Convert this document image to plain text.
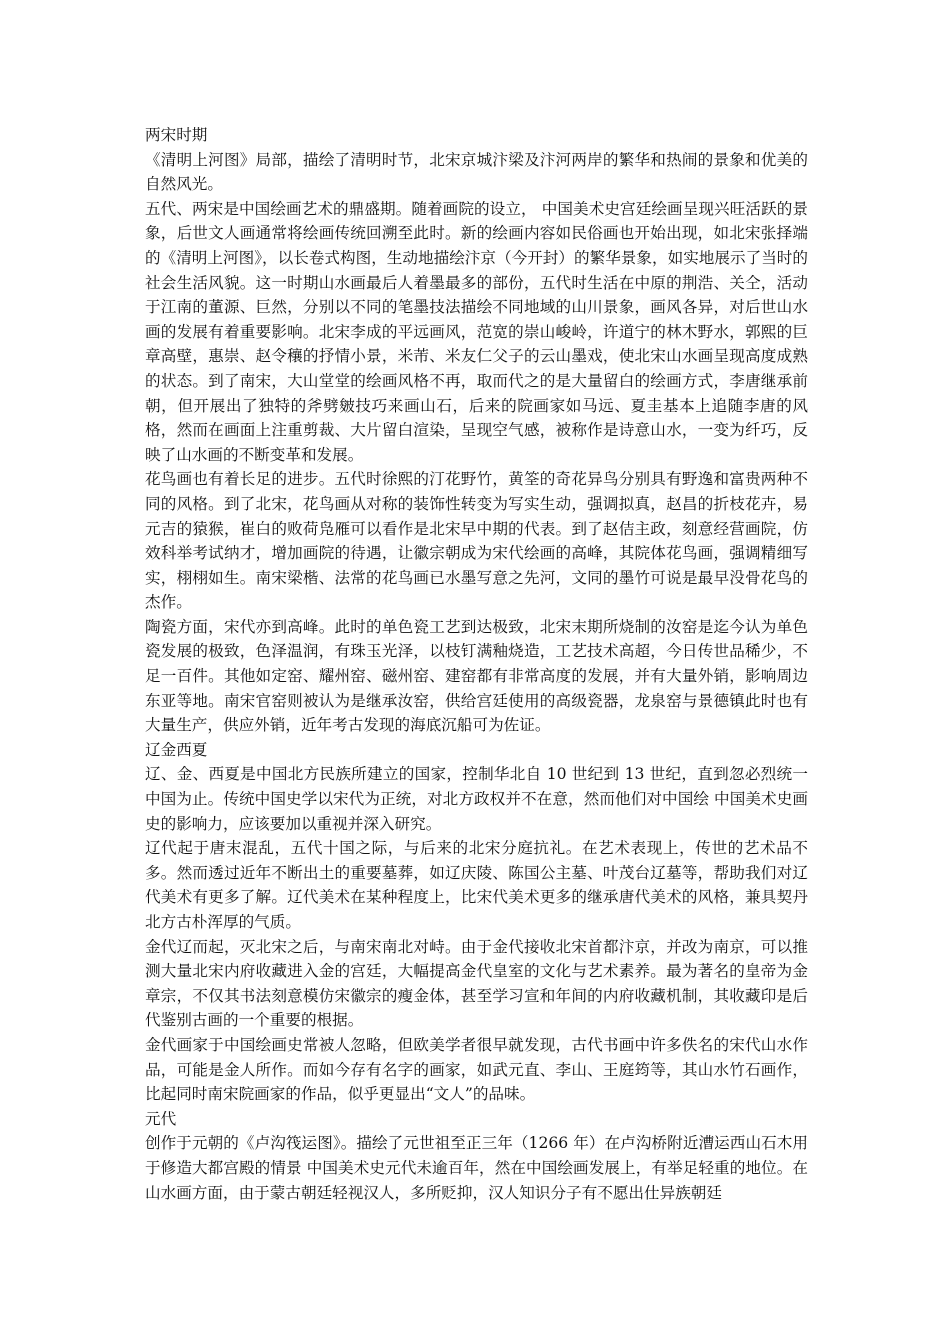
两宋时期

《清明上河图》局部，描绘了清明时节，北宋京城汴梁及汴河两岸的繁华和热闹的景象和优美的自然风光。

五代、两宋是中国绘画艺术的鼎盛期。随着画院的设立， 中国美术史宫廷绘画呈现兴旺活跃的景象，后世文人画通常将绘画传统回溯至此时。新的绘画内容如民俗画也开始出现，如北宋张择端的《清明上河图》，以长卷式构图，生动地描绘汴京（今开封）的繁华景象，如实地展示了当时的社会生活风貌。这一时期山水画最后人着墨最多的部份，五代时生活在中原的荆浩、关仝，活动于江南的董源、巨然，分别以不同的笔墨技法描绘不同地域的山川景象，画风各异，对后世山水画的发展有着重要影响。北宋李成的平远画风，范宽的崇山峻岭，许道宁的林木野水，郭熙的巨章高壁，惠崇、赵令穰的抒情小景，米芾、米友仁父子的云山墨戏，使北宋山水画呈现高度成熟的状态。到了南宋，大山堂堂的绘画风格不再，取而代之的是大量留白的绘画方式，李唐继承前朝，但开展出了独特的斧劈皴技巧来画山石，后来的院画家如马远、夏圭基本上追随李唐的风格，然而在画面上注重剪裁、大片留白渲染，呈现空气感，被称作是诗意山水，一变为纤巧，反映了山水画的不断变革和发展。

花鸟画也有着长足的进步。五代时徐熙的汀花野竹，黄筌的奇花异鸟分别具有野逸和富贵两种不同的风格。到了北宋，花鸟画从对称的装饰性转变为写实生动，强调拟真，赵昌的折枝花卉，易元吉的猿猴，崔白的败荷凫雁可以看作是北宋早中期的代表。到了赵佶主政，刻意经营画院，仿效科举考试纳才，增加画院的待遇，让徽宗朝成为宋代绘画的高峰，其院体花鸟画，强调精细写实，栩栩如生。南宋梁楷、法常的花鸟画已水墨写意之先河，文同的墨竹可说是最早没骨花鸟的杰作。

陶瓷方面，宋代亦到高峰。此时的单色瓷工艺到达极致，北宋末期所烧制的汝窑是迄今认为单色瓷发展的极致，色泽温润，有珠玉光泽，以枝钉满釉烧造，工艺技术高超，今日传世品稀少，不足一百件。其他如定窑、耀州窑、磁州窑、建窑都有非常高度的发展，并有大量外销，影响周边东亚等地。南宋官窑则被认为是继承汝窑，供给宫廷使用的高级瓷器，龙泉窑与景德镇此时也有大量生产，供应外销，近年考古发现的海底沉船可为佐证。

辽金西夏

辽、金、西夏是中国北方民族所建立的国家，控制华北自 10 世纪到 13 世纪，直到忽必烈统一中国为止。传统中国史学以宋代为正统，对北方政权并不在意，然而他们对中国绘 中国美术史画史的影响力，应该要加以重视并深入研究。

辽代起于唐末混乱，五代十国之际，与后来的北宋分庭抗礼。在艺术表现上，传世的艺术品不多。然而透过近年不断出土的重要墓葬，如辽庆陵、陈国公主墓、叶茂台辽墓等，帮助我们对辽代美术有更多了解。辽代美术在某种程度上，比宋代美术更多的继承唐代美术的风格，兼具契丹北方古朴浑厚的气质。

金代辽而起，灭北宋之后，与南宋南北对峙。由于金代接收北宋首都汴京，并改为南京，可以推测大量北宋内府收藏进入金的宫廷，大幅提高金代皇室的文化与艺术素养。最为著名的皇帝为金章宗，不仅其书法刻意模仿宋徽宗的瘦金体，甚至学习宣和年间的内府收藏机制，其收藏印是后代鉴别古画的一个重要的根据。

金代画家于中国绘画史常被人忽略，但欧美学者很早就发现，古代书画中许多佚名的宋代山水作品，可能是金人所作。而如今存有名字的画家，如武元直、李山、王庭筠等，其山水竹石画作，比起同时南宋院画家的作品，似乎更显出“文人”的品味。

元代

创作于元朝的《卢沟筏运图》。描绘了元世祖至正三年（1266 年）在卢沟桥附近漕运西山石木用于修造大都宫殿的情景 中国美术史元代未逾百年，然在中国绘画发展上，有举足轻重的地位。在山水画方面，由于蒙古朝廷轻视汉人，多所贬抑，汉人知识分子有不愿出仕异族朝廷
